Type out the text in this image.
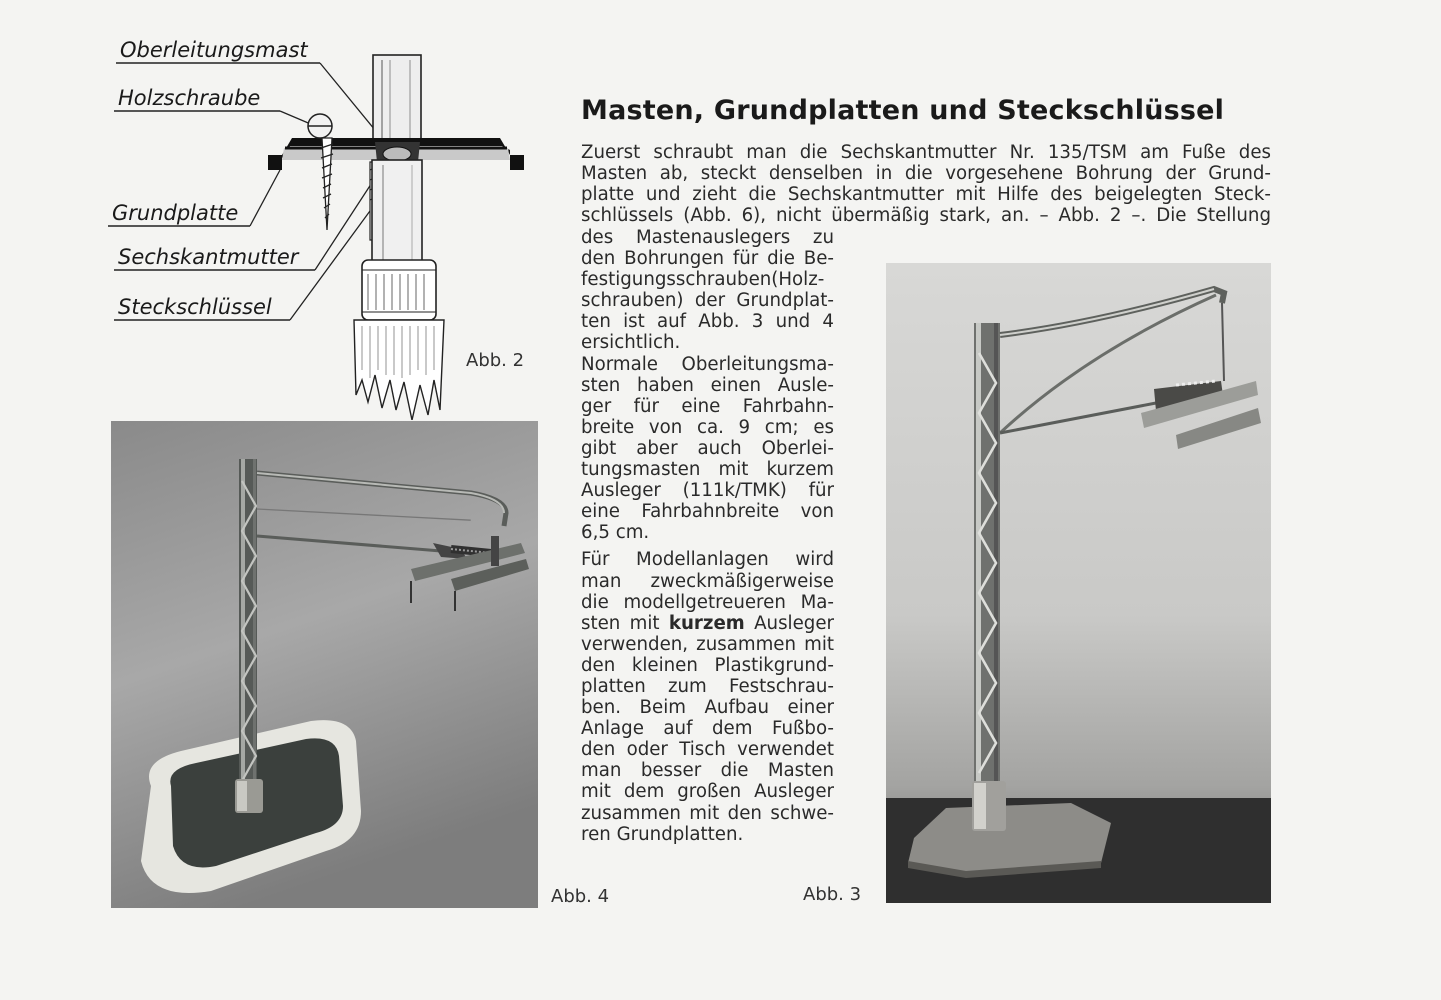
Oberleitungsmast
Holzschraube
Grundplatte
Sechskantmutter
Steckschlüssel
Abb. 2
Masten, Grundplatten und Steckschlüssel
Zuerst schraubt man die Sechskantmutter Nr. 135/TSM am Fuße des
Masten ab, steckt denselben in die vorgesehene Bohrung der Grund-
platte und zieht die Sechskantmutter mit Hilfe des beigelegten Steck-
schlüssels (Abb. 6), nicht übermäßig stark, an. – Abb. 2 –. Die Stellung
des Mastenauslegers zu
den Bohrungen für die Be-
festigungsschrauben(Holz-
schrauben) der Grundplat-
ten ist auf Abb. 3 und 4
ersichtlich.
Normale Oberleitungsma-
sten haben einen Ausle-
ger für eine Fahrbahn-
breite von ca. 9 cm; es
gibt aber auch Oberlei-
tungsmasten mit kurzem
Ausleger (111k/TMK) für
eine Fahrbahnbreite von
6,5 cm.
Für Modellanlagen wird
man zweckmäßigerweise
die modellgetreueren Ma-
sten mit kurzem Ausleger
verwenden, zusammen mit
den kleinen Plastikgrund-
platten zum Festschrau-
ben. Beim Aufbau einer
Anlage auf dem Fußbo-
den oder Tisch verwendet
man besser die Masten
mit dem großen Ausleger
zusammen mit den schwe-
ren Grundplatten.
Abb. 4	Abb. 3
